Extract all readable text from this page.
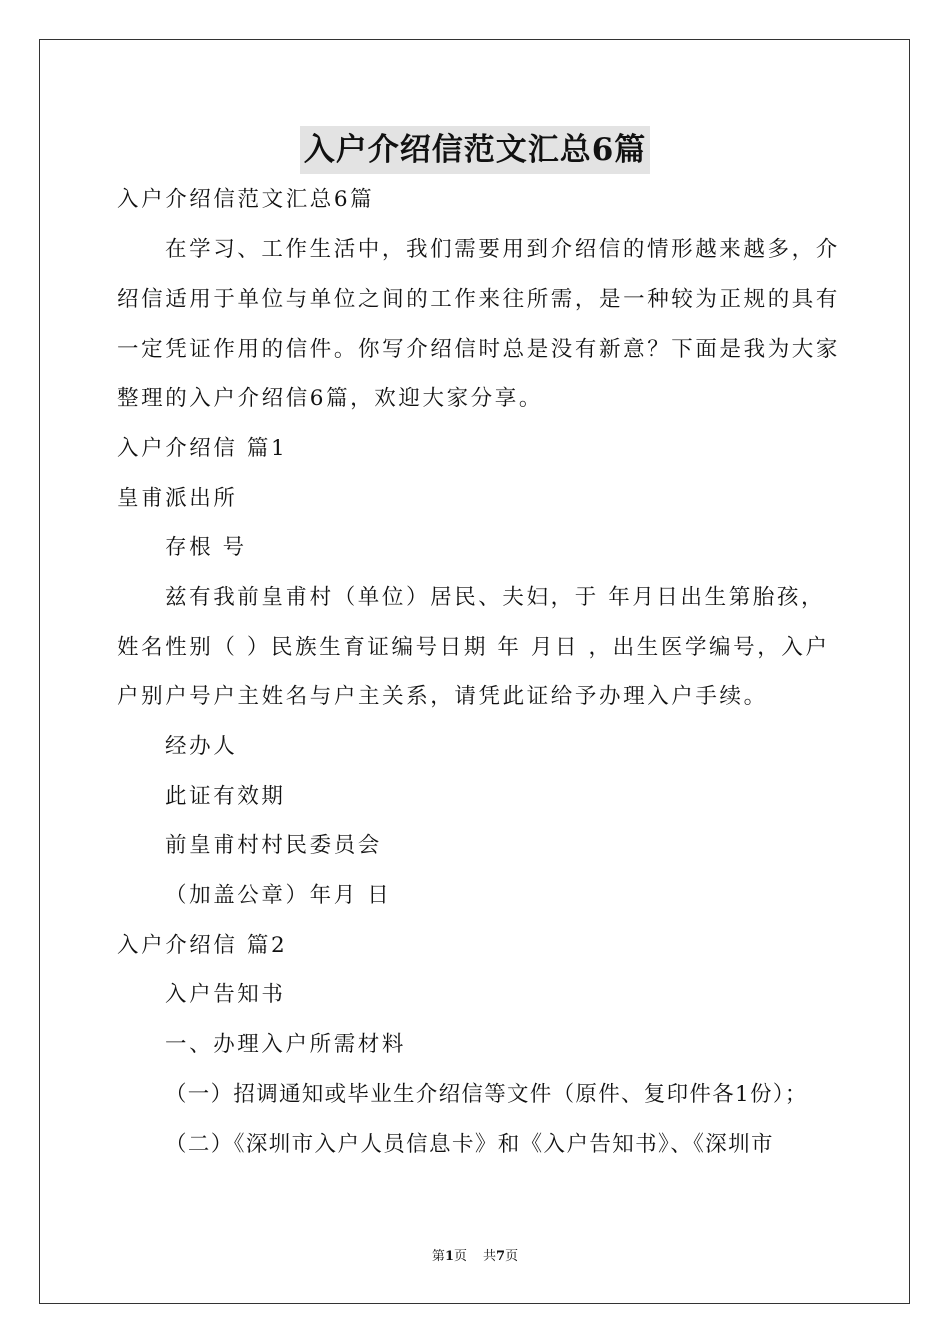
入户介绍信范文汇总6篇
入户介绍信范文汇总6篇
在学习、工作生活中，我们需要用到介绍信的情形越来越多，介
绍信适用于单位与单位之间的工作来往所需，是一种较为正规的具有
一定凭证作用的信件。你写介绍信时总是没有新意？下面是我为大家
整理的入户介绍信6篇，欢迎大家分享。
入户介绍信 篇1
皇甫派出所
存根 号
兹有我前皇甫村（单位）居民、夫妇，于 年月日出生第胎孩，
姓名性别（ ）民族生育证编号日期 年 月日 ，出生医学编号，入户
户别户号户主姓名与户主关系，请凭此证给予办理入户手续。
经办人
此证有效期
前皇甫村村民委员会
（加盖公章）年月 日
入户介绍信 篇2
入户告知书
一、办理入户所需材料
（一）招调通知或毕业生介绍信等文件（原件、复印件各1份）；
（二）《深圳市入户人员信息卡》和《入户告知书》、《深圳市
第1页 共7页
